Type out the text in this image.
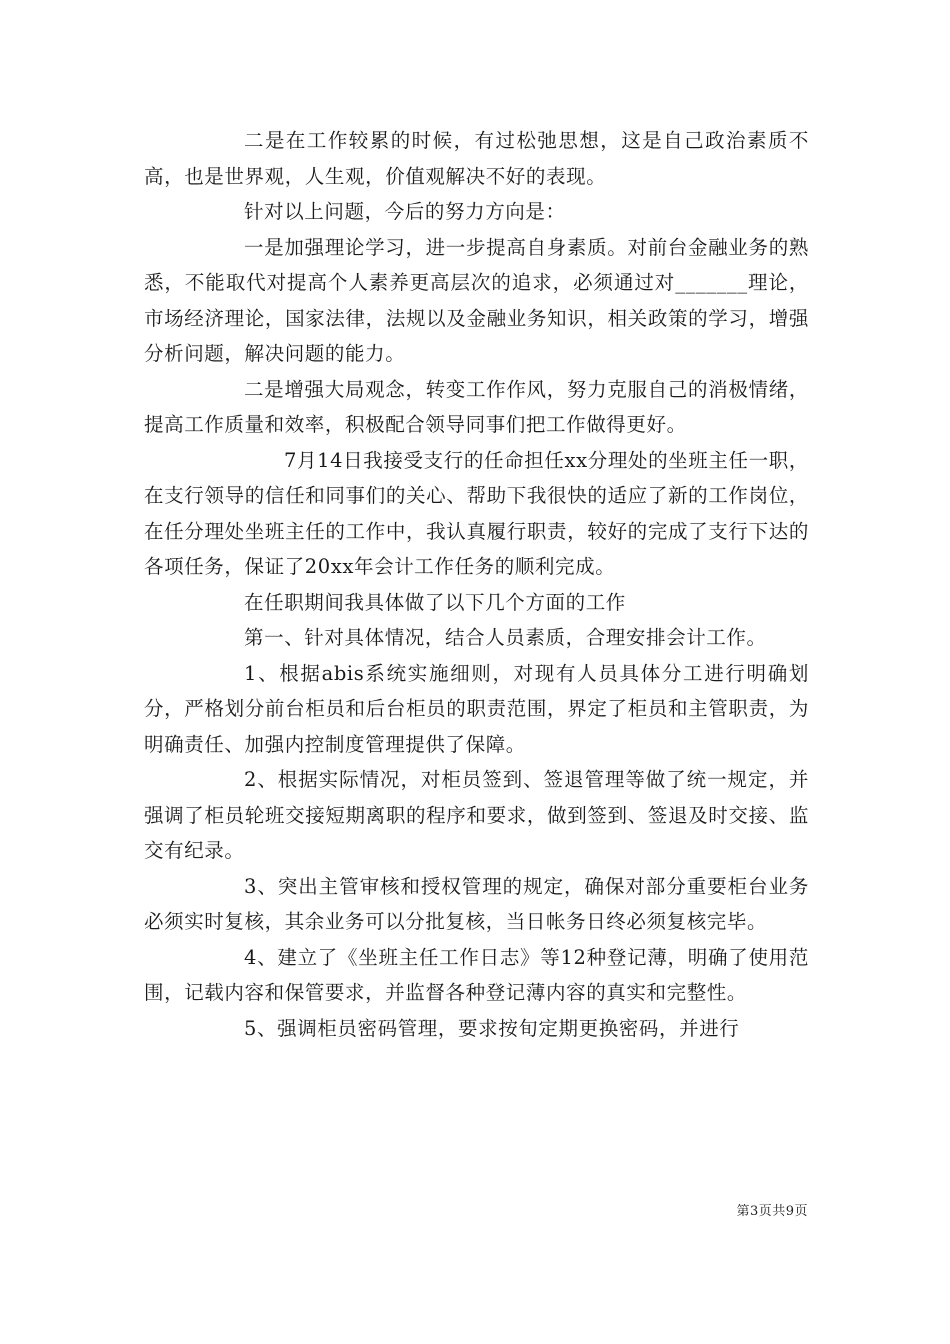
二是在工作较累的时候，有过松弛思想，这是自己政治素质不高，也是世界观，人生观，价值观解决不好的表现。

针对以上问题，今后的努力方向是：

一是加强理论学习，进一步提高自身素质。对前台金融业务的熟悉，不能取代对提高个人素养更高层次的追求，必须通过对_______理论，市场经济理论，国家法律，法规以及金融业务知识，相关政策的学习，增强分析问题，解决问题的能力。

二是增强大局观念，转变工作作风，努力克服自己的消极情绪，提高工作质量和效率，积极配合领导同事们把工作做得更好。

7月14日我接受支行的任命担任xx分理处的坐班主任一职，在支行领导的信任和同事们的关心、帮助下我很快的适应了新的工作岗位，在任分理处坐班主任的工作中，我认真履行职责，较好的完成了支行下达的各项任务，保证了20xx年会计工作任务的顺利完成。

在任职期间我具体做了以下几个方面的工作

第一、针对具体情况，结合人员素质，合理安排会计工作。

1、根据abis系统实施细则，对现有人员具体分工进行明确划分，严格划分前台柜员和后台柜员的职责范围，界定了柜员和主管职责，为明确责任、加强内控制度管理提供了保障。

2、根据实际情况，对柜员签到、签退管理等做了统一规定，并强调了柜员轮班交接短期离职的程序和要求，做到签到、签退及时交接、监交有纪录。

3、突出主管审核和授权管理的规定，确保对部分重要柜台业务必须实时复核，其余业务可以分批复核，当日帐务日终必须复核完毕。

4、建立了《坐班主任工作日志》等12种登记薄，明确了使用范围，记载内容和保管要求，并监督各种登记薄内容的真实和完整性。

5、强调柜员密码管理，要求按旬定期更换密码，并进行

第3页共9页
